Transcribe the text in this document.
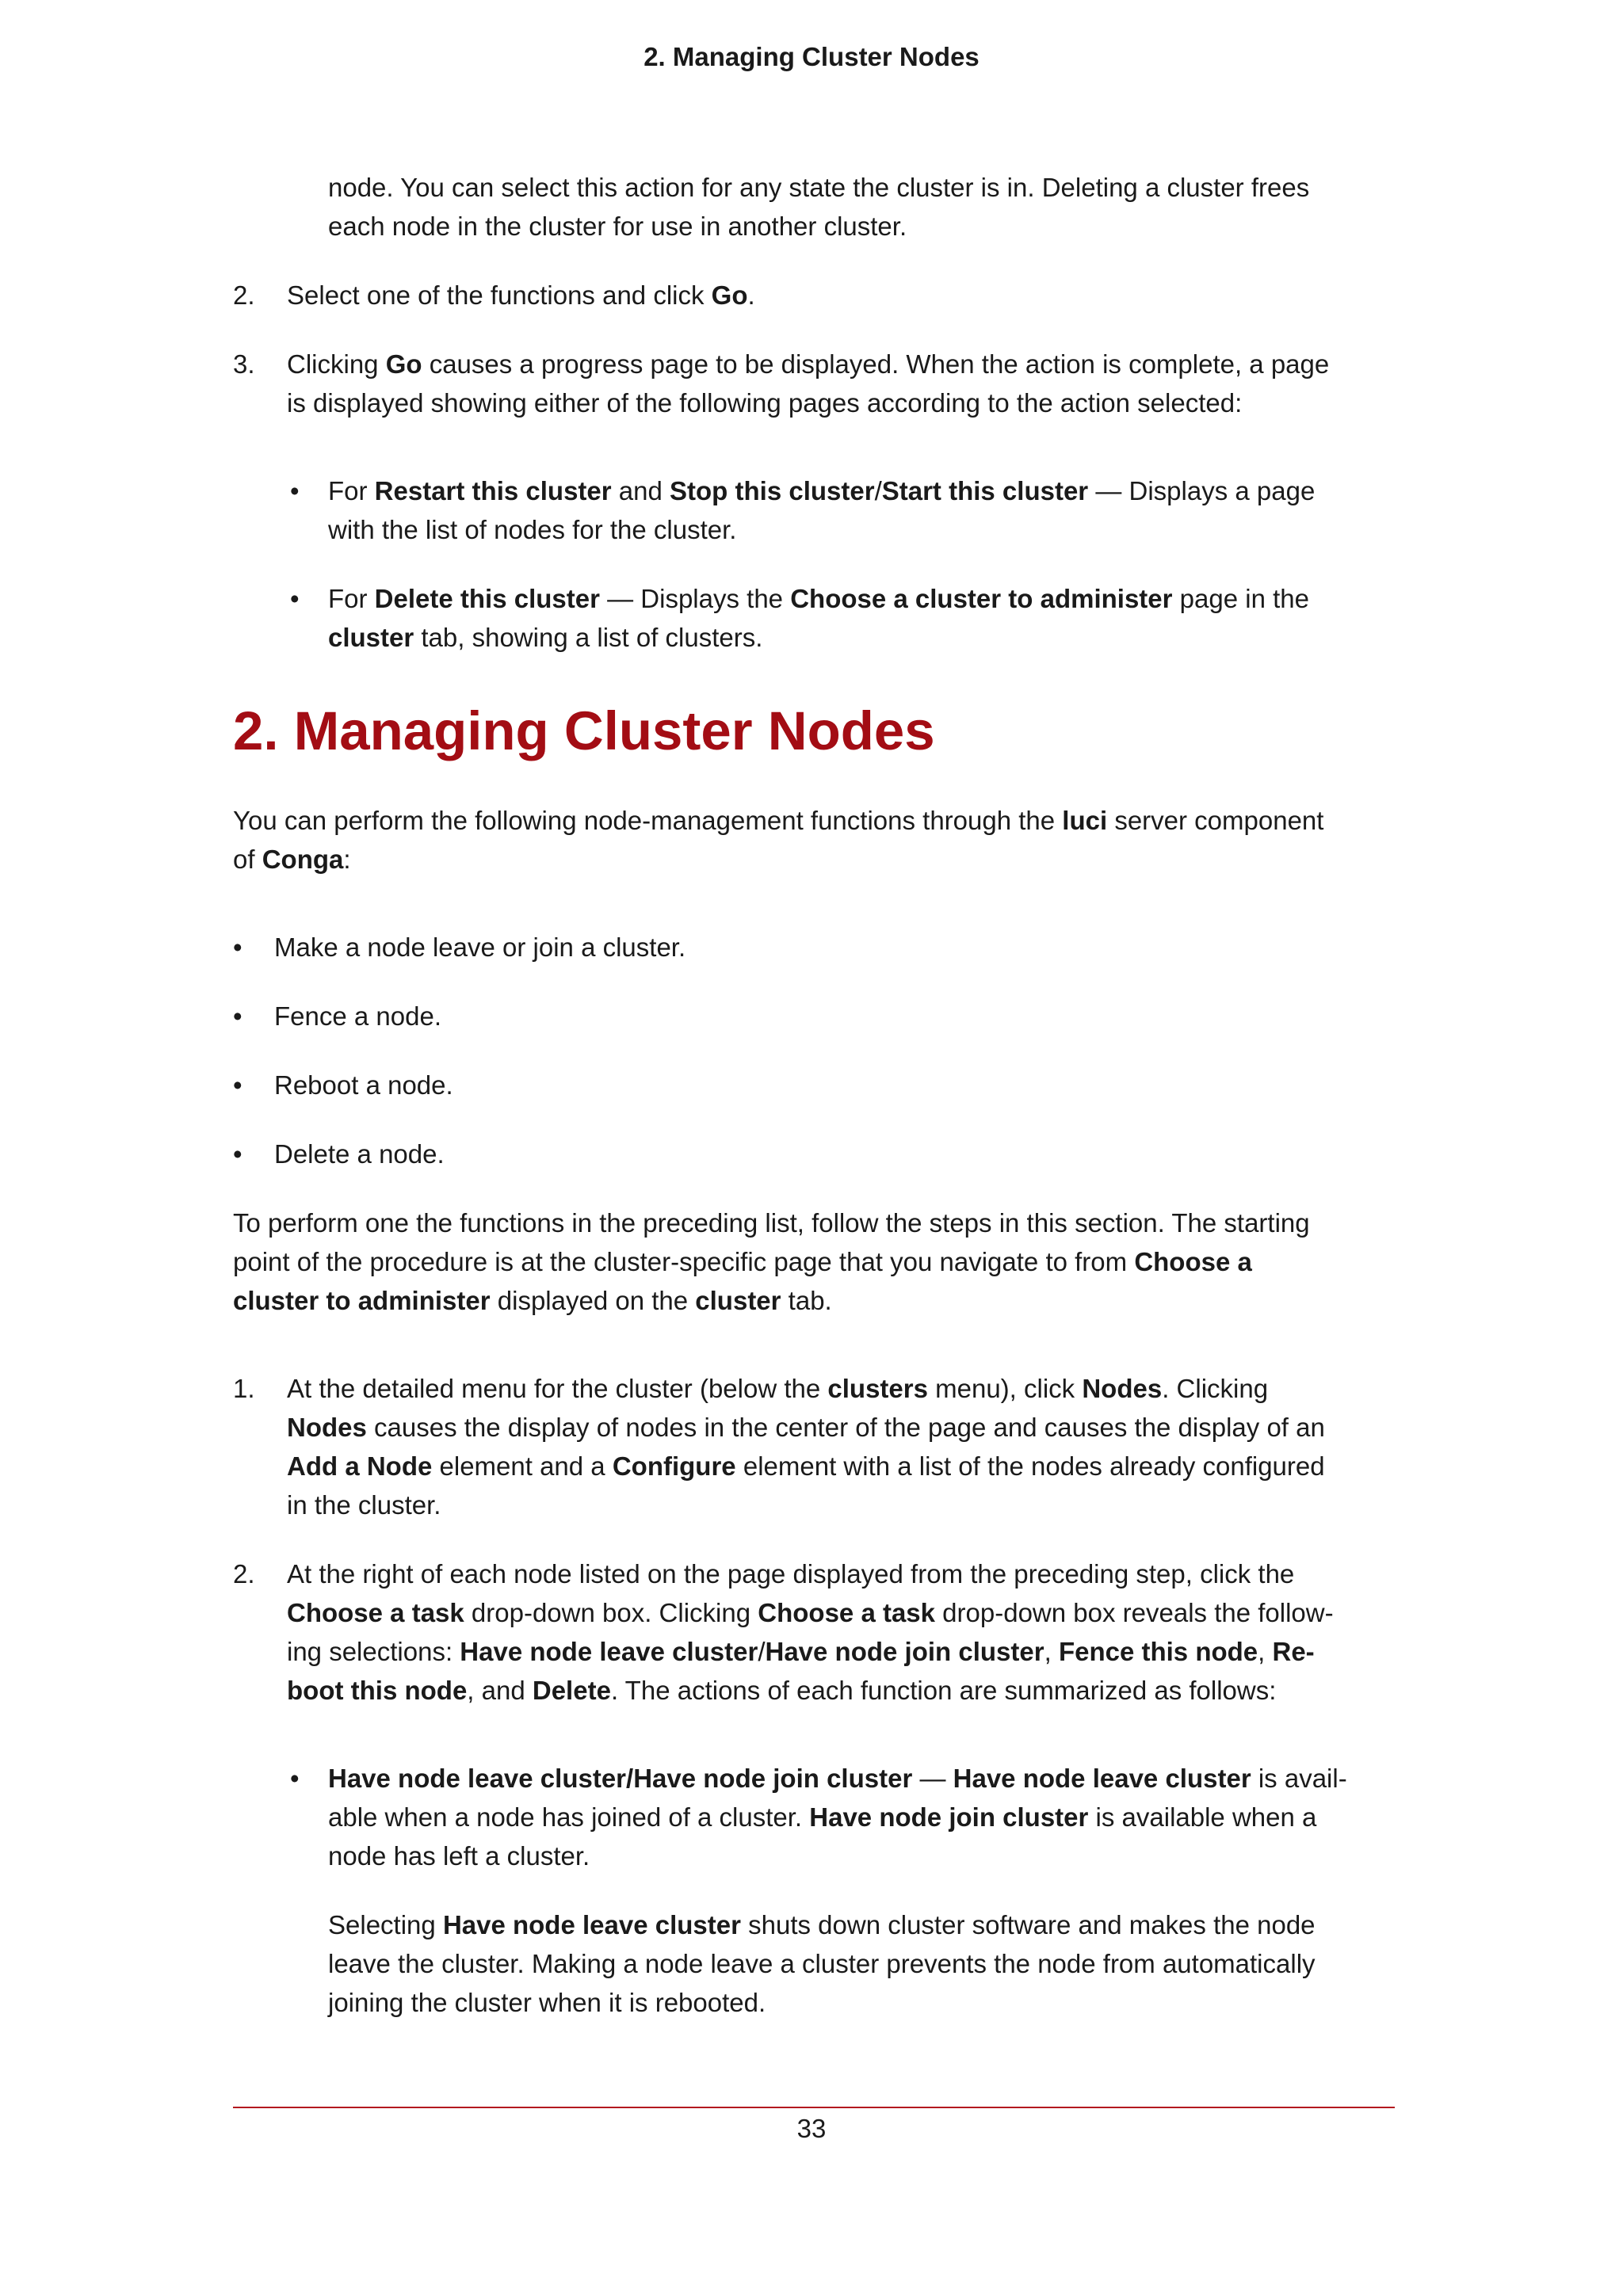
2. Managing Cluster Nodes

node. You can select this action for any state the cluster is in. Deleting a cluster frees

each node in the cluster for use in another cluster.

2.	Select one of the functions and click Go.
3. Clicking Go causes a progress page to be displayed. When the action is complete, a page
is displayed showing either of the following pages according to the action selected:
• For Restart this cluster and Stop this cluster/Start this cluster — Displays a page
with the list of nodes for the cluster.
• For Delete this cluster — Displays the Choose a cluster to administer page in the
cluster tab, showing a list of clusters.
2. Managing Cluster Nodes
You can perform the following node-management functions through the luci server component
of Conga:
• Make a node leave or join a cluster.
• Fence a node.
• Reboot a node.
• Delete a node.
To perform one the functions in the preceding list, follow the steps in this section. The starting
point of the procedure is at the cluster-specific page that you navigate to from Choose a
cluster to administer displayed on the cluster tab.
1. At the detailed menu for the cluster (below the clusters menu), click Nodes. Clicking
Nodes causes the display of nodes in the center of the page and causes the display of an
Add a Node element and a Configure element with a list of the nodes already configured
in the cluster.
2. At the right of each node listed on the page displayed from the preceding step, click the
Choose a task drop-down box. Clicking Choose a task drop-down box reveals the follow-
ing selections: Have node leave cluster/Have node join cluster, Fence this node, Re-
boot this node, and Delete. The actions of each function are summarized as follows:
• Have node leave cluster/Have node join cluster — Have node leave cluster is avail-
able when a node has joined of a cluster. Have node join cluster is available when a
node has left a cluster.
Selecting Have node leave cluster shuts down cluster software and makes the node
leave the cluster. Making a node leave a cluster prevents the node from automatically
joining the cluster when it is rebooted.
33
